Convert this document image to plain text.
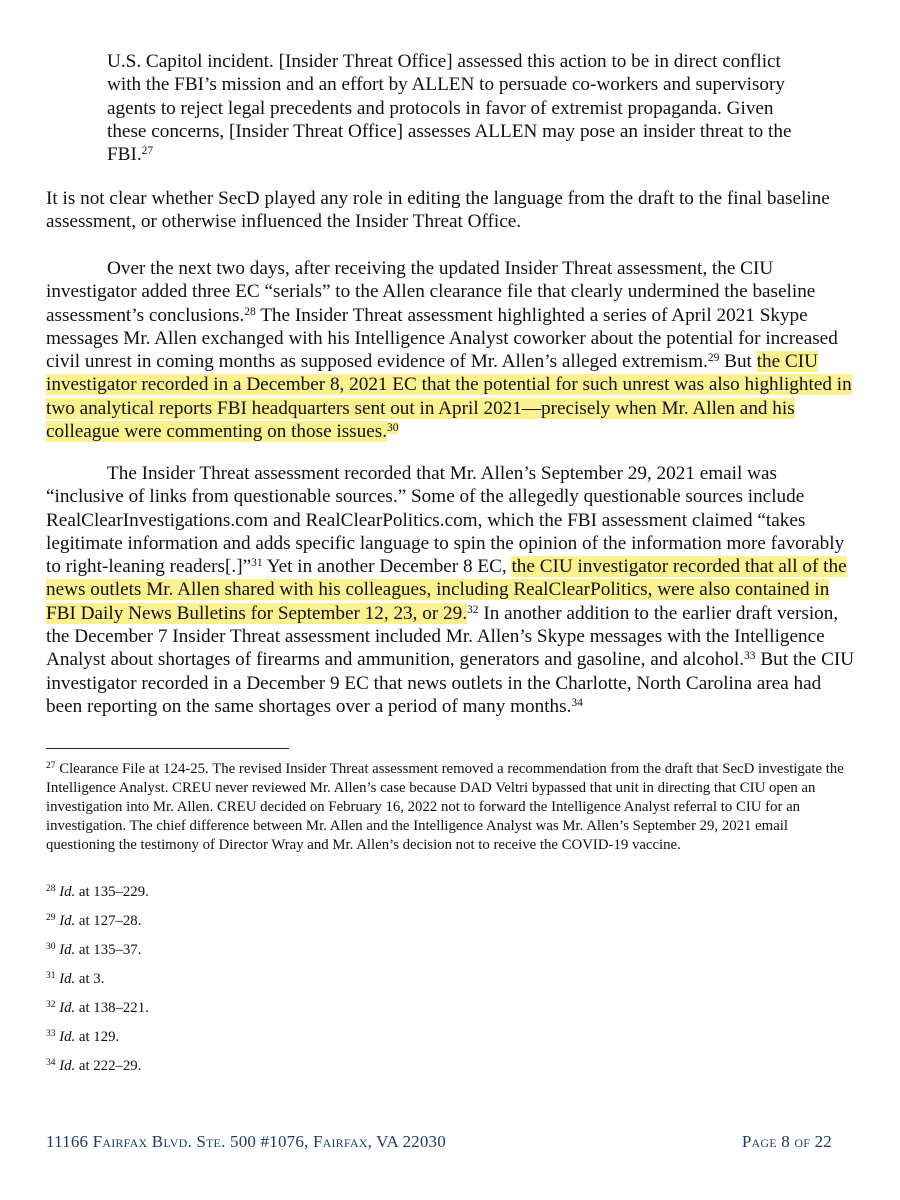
U.S. Capitol incident. [Insider Threat Office] assessed this action to be in direct conflict with the FBI’s mission and an effort by ALLEN to persuade co-workers and supervisory agents to reject legal precedents and protocols in favor of extremist propaganda. Given these concerns, [Insider Threat Office] assesses ALLEN may pose an insider threat to the FBI.$^{27}$

It is not clear whether SecD played any role in editing the language from the draft to the final baseline assessment, or otherwise influenced the Insider Threat Office.

Over the next two days, after receiving the updated Insider Threat assessment, the CIU investigator added three EC “serials” to the Allen clearance file that clearly undermined the baseline assessment’s conclusions.$^{28}$ The Insider Threat assessment highlighted a series of April 2021 Skype messages Mr. Allen exchanged with his Intelligence Analyst coworker about the potential for increased civil unrest in coming months as supposed evidence of Mr. Allen’s alleged extremism.$^{29}$ But the CIU investigator recorded in a December 8, 2021 EC that the potential for such unrest was also highlighted in two analytical reports FBI headquarters sent out in April 2021—precisely when Mr. Allen and his colleague were commenting on those issues.$^{30}$

The Insider Threat assessment recorded that Mr. Allen’s September 29, 2021 email was “inclusive of links from questionable sources.” Some of the allegedly questionable sources include RealClearInvestigations.com and RealClearPolitics.com, which the FBI assessment claimed “takes legitimate information and adds specific language to spin the opinion of the information more favorably to right-leaning readers[.]”$^{31}$ Yet in another December 8 EC, the CIU investigator recorded that all of the news outlets Mr. Allen shared with his colleagues, including RealClearPolitics, were also contained in FBI Daily News Bulletins for September 12, 23, or 29.32 In another addition to the earlier draft version, the December 7 Insider Threat assessment included Mr. Allen’s Skype messages with the Intelligence Analyst about shortages of firearms and ammunition, generators and gasoline, and alcohol.$^{33}$ But the CIU investigator recorded in a December 9 EC that news outlets in the Charlotte, North Carolina area had been reporting on the same shortages over a period of many months.$^{34}$

$^{27}$ Clearance File at 124-25. The revised Insider Threat assessment removed a recommendation from the draft that SecD investigate the Intelligence Analyst. CREU never reviewed Mr. Allen’s case because DAD Veltri bypassed that unit in directing that CIU open an investigation into Mr. Allen. CREU decided on February 16, 2022 not to forward the Intelligence Analyst referral to CIU for an investigation. The chief difference between Mr. Allen and the Intelligence Analyst was Mr. Allen’s September 29, 2021 email questioning the testimony of Director Wray and Mr. Allen’s decision not to receive the COVID-19 vaccine.

$^{28}$ Id. at 135–229.

$^{29}$ Id. at 127–28.

$^{30}$ Id. at 135–37.

$^{31}$ Id. at 3.

$^{32}$ Id. at 138–221.

$^{33}$ Id. at 129.

$^{34}$ Id. at 222–29.

11166 Fairfax Blvd. Ste. 500 #1076, Fairfax, VA 22030	Page 8 of 22
